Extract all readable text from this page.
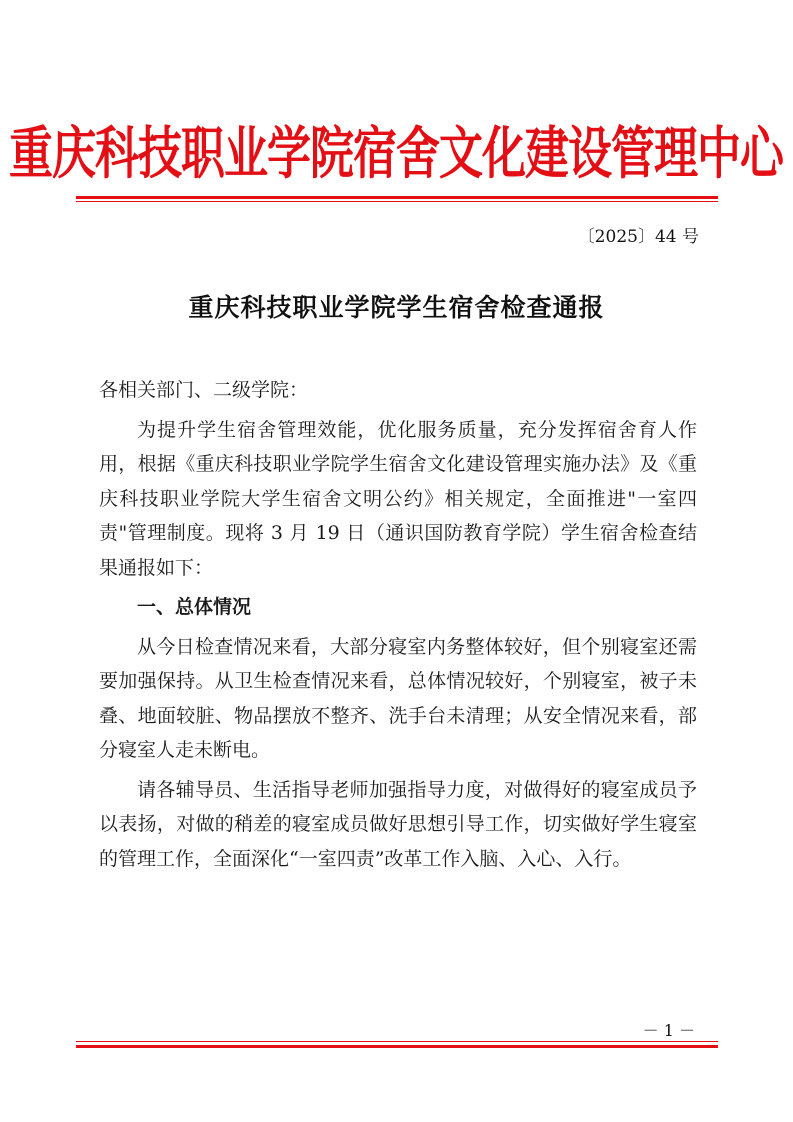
重庆科技职业学院宿舍文化建设管理中心
〔2025〕44 号
重庆科技职业学院学生宿舍检查通报

各相关部门、二级学院：

为提升学生宿舍管理效能，优化服务质量，充分发挥宿舍育人作用，根据《重庆科技职业学院学生宿舍文化建设管理实施办法》及《重庆科技职业学院大学生宿舍文明公约》相关规定，全面推进"一室四责"管理制度。现将 3 月 19 日（通识国防教育学院）学生宿舍检查结果通报如下：

一、总体情况

从今日检查情况来看，大部分寝室内务整体较好，但个别寝室还需要加强保持。从卫生检查情况来看，总体情况较好，个别寝室，被子未叠、地面较脏、物品摆放不整齐、洗手台未清理；从安全情况来看，部分寝室人走未断电。

请各辅导员、生活指导老师加强指导力度，对做得好的寝室成员予以表扬，对做的稍差的寝室成员做好思想引导工作，切实做好学生寝室的管理工作，全面深化“一室四责”改革工作入脑、入心、入行。

－ 1 －
